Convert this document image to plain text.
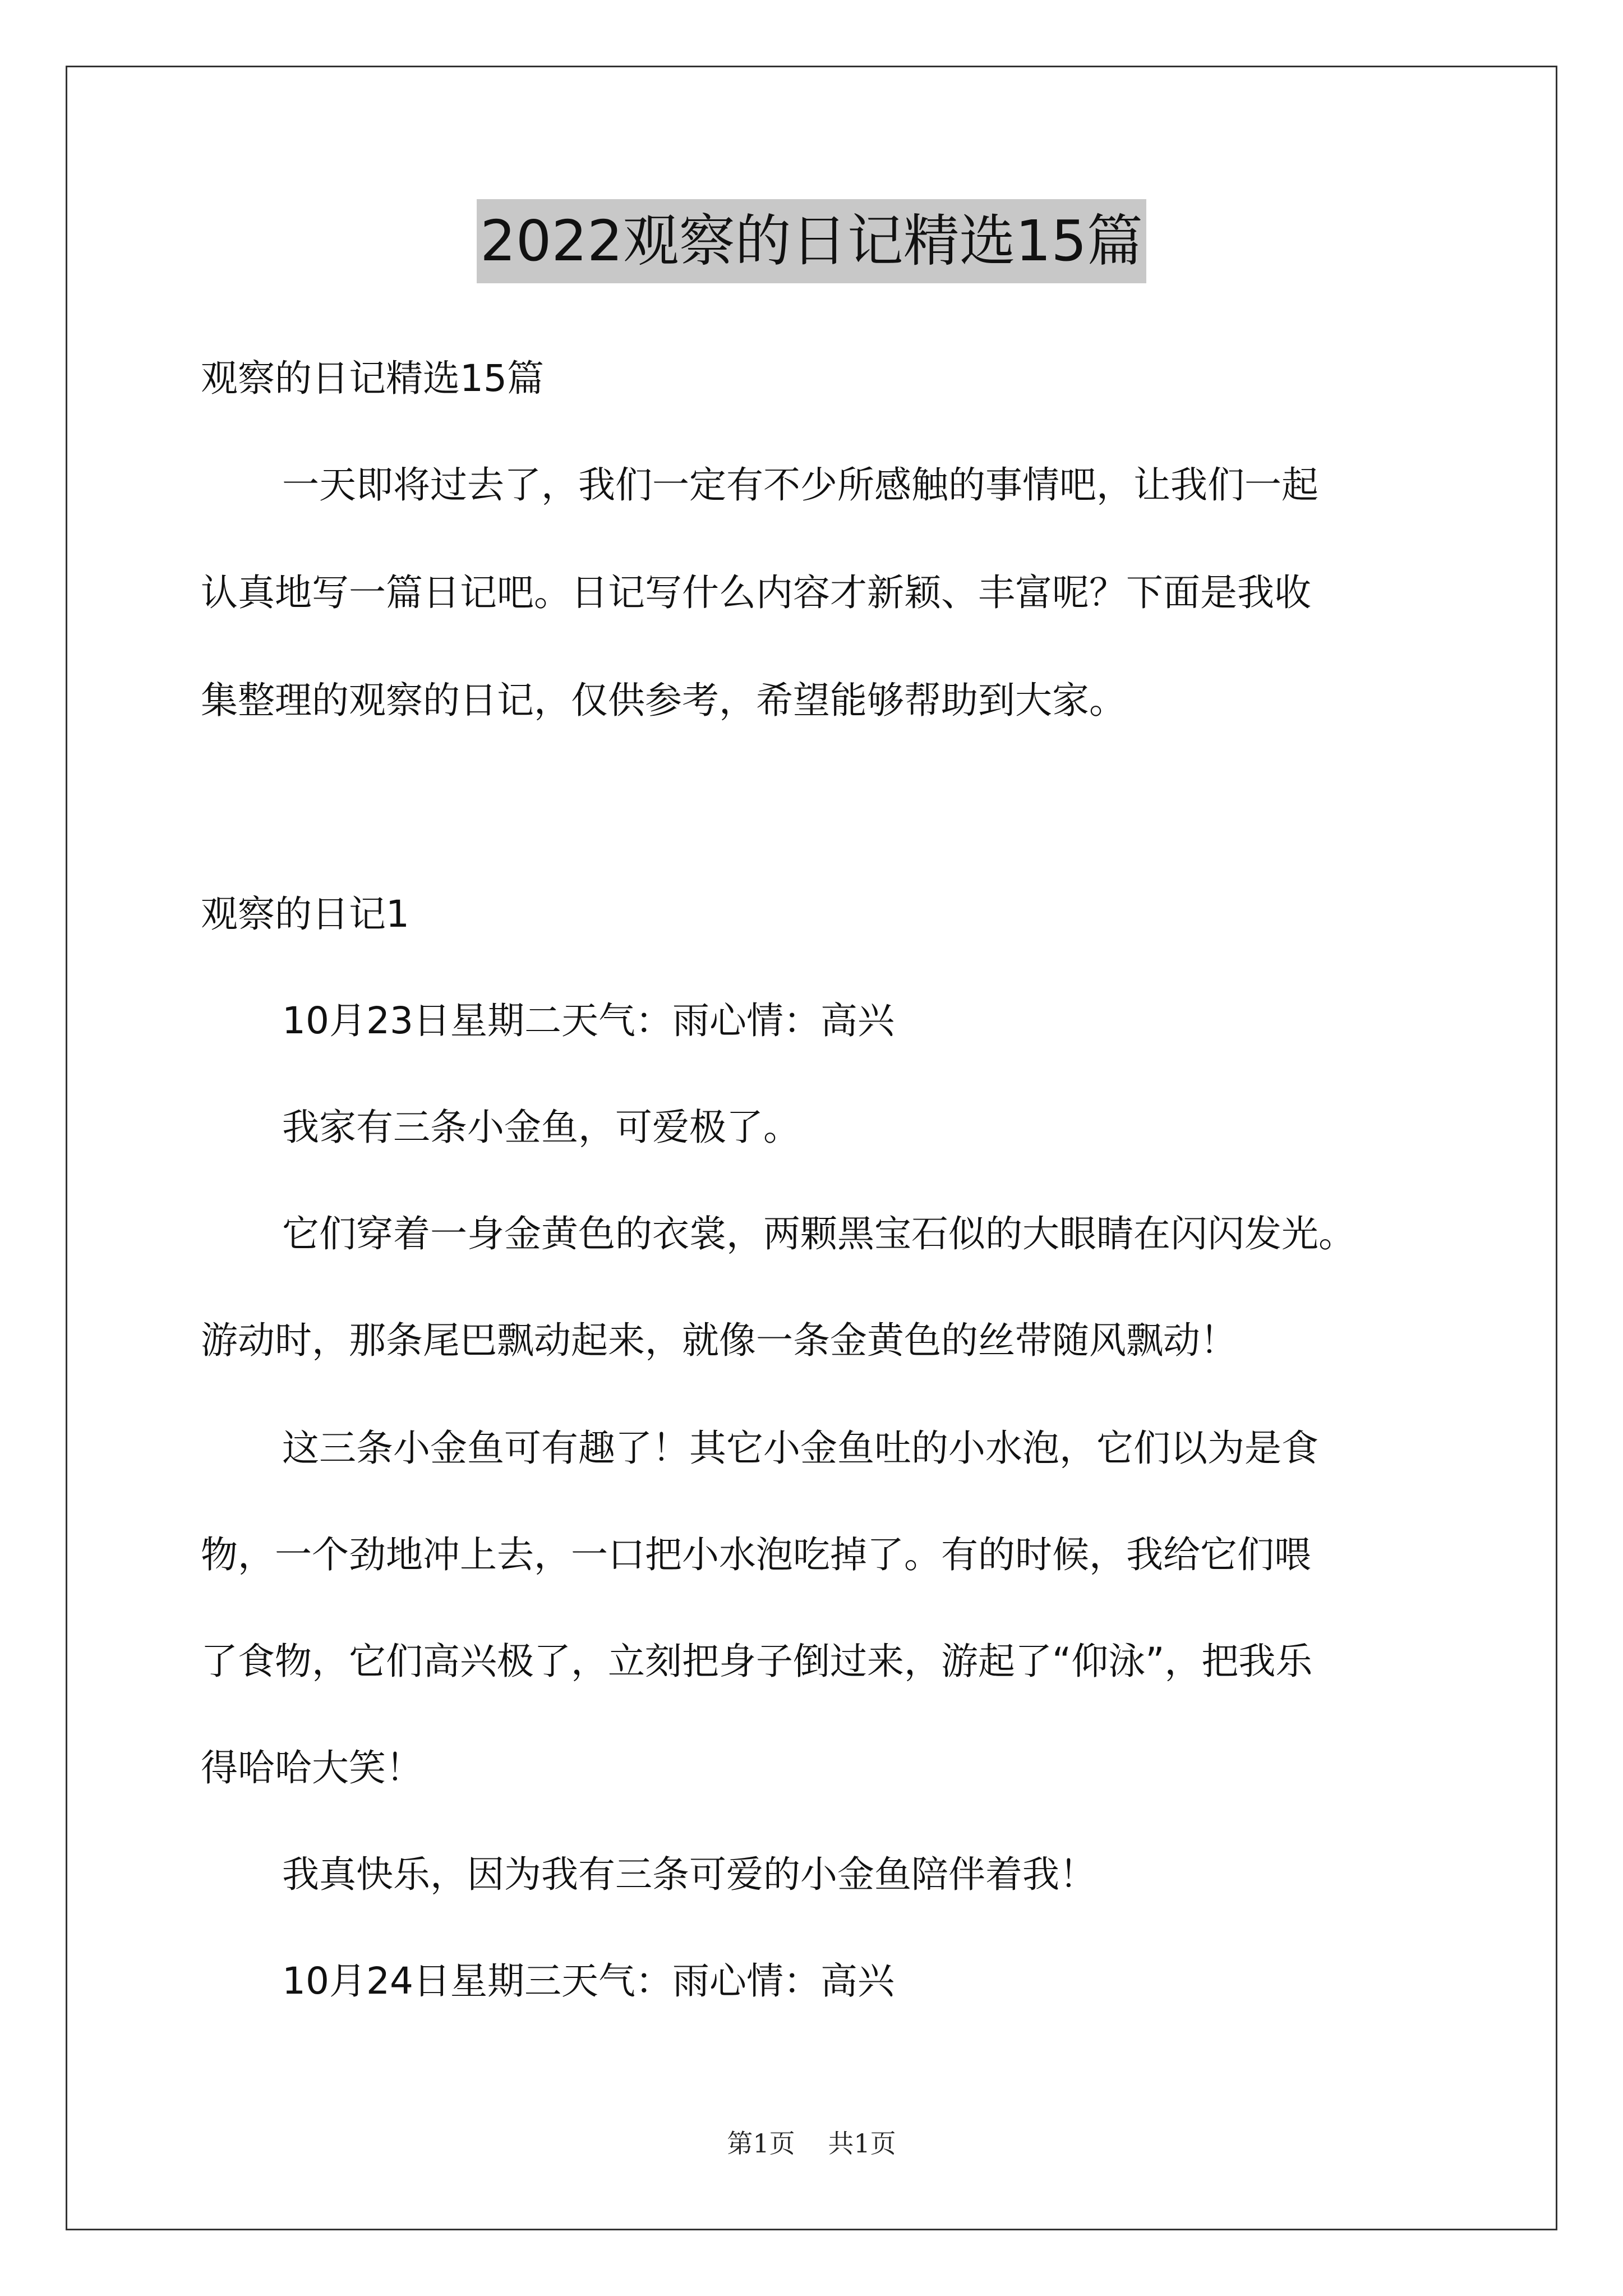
2022观察的日记精选15篇
观察的日记精选15篇
一天即将过去了，我们一定有不少所感触的事情吧，让我们一起
认真地写一篇日记吧。日记写什么内容才新颖、丰富呢？下面是我收
集整理的观察的日记，仅供参考，希望能够帮助到大家。
观察的日记1
10月23日星期二天气：雨心情：高兴
我家有三条小金鱼，可爱极了。
它们穿着一身金黄色的衣裳，两颗黑宝石似的大眼睛在闪闪发光。
游动时，那条尾巴飘动起来，就像一条金黄色的丝带随风飘动！
这三条小金鱼可有趣了！其它小金鱼吐的小水泡，它们以为是食
物，一个劲地冲上去，一口把小水泡吃掉了。有的时候，我给它们喂
了食物，它们高兴极了，立刻把身子倒过来，游起了“仰泳”，把我乐
得哈哈大笑！
我真快乐，因为我有三条可爱的小金鱼陪伴着我！
10月24日星期三天气：雨心情：高兴
第1页 共1页
